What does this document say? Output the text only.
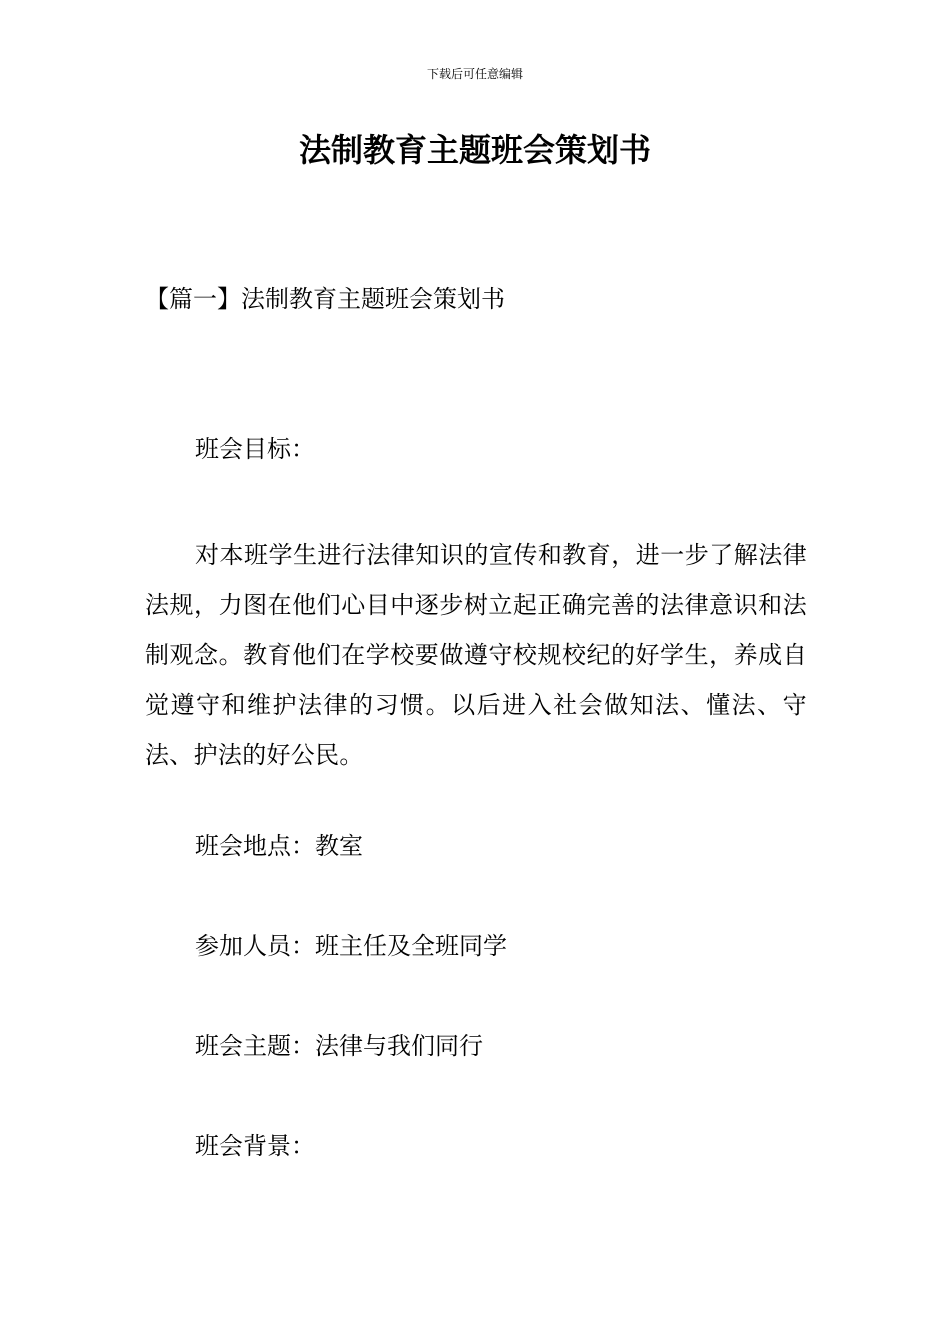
下载后可任意编辑
法制教育主题班会策划书
【篇一】法制教育主题班会策划书

班会目标：

对本班学生进行法律知识的宣传和教育，进一步了解法律法规，力图在他们心目中逐步树立起正确完善的法律意识和法制观念。教育他们在学校要做遵守校规校纪的好学生，养成自觉遵守和维护法律的习惯。以后进入社会做知法、懂法、守法、护法的好公民。

班会地点：教室

参加人员：班主任及全班同学

班会主题：法律与我们同行

班会背景：
